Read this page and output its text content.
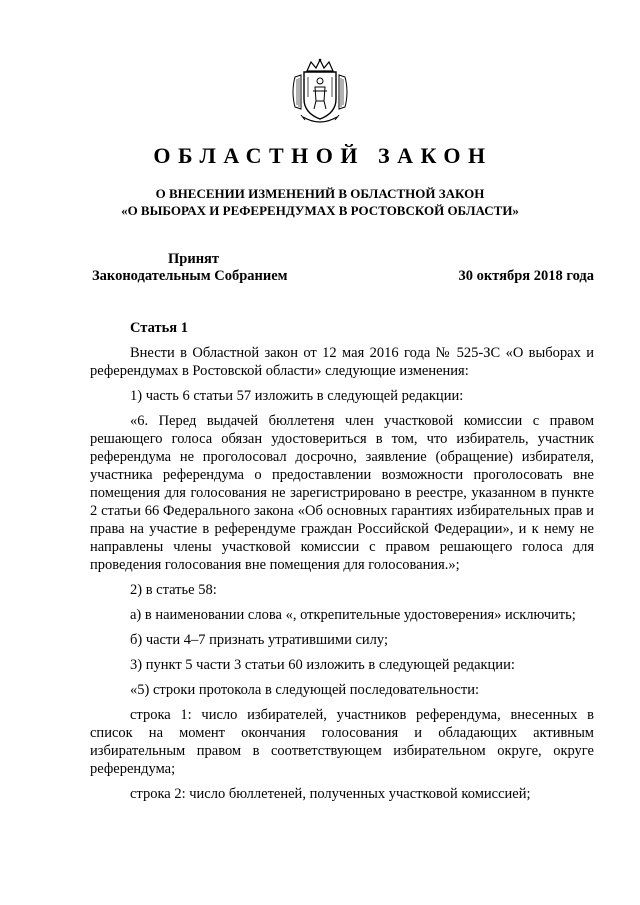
ОБЛАСТНОЙ ЗАКОН
О ВНЕСЕНИИ ИЗМЕНЕНИЙ В ОБЛАСТНОЙ ЗАКОН
«О ВЫБОРАХ И РЕФЕРЕНДУМАХ В РОСТОВСКОЙ ОБЛАСТИ»
Принят
Законодательным Собранием	30 октября 2018 года

Статья 1

Внести в Областной закон от 12 мая 2016 года № 525-ЗС «О выборах и референдумах в Ростовской области» следующие изменения:

1) часть 6 статьи 57 изложить в следующей редакции:

«6. Перед выдачей бюллетеня член участковой комиссии с правом решающего голоса обязан удостовериться в том, что избиратель, участник референдума не проголосовал досрочно, заявление (обращение) избирателя, участника референдума о предоставлении возможности проголосовать вне помещения для голосования не зарегистрировано в реестре, указанном в пункте 2 статьи 66 Федерального закона «Об основных гарантиях избирательных прав и права на участие в референдуме граждан Российской Федерации», и к нему не направлены члены участковой комиссии с правом решающего голоса для проведения голосования вне помещения для голосования.»;

2) в статье 58:

а) в наименовании слова «, открепительные удостоверения» исключить;

б) части 4–7 признать утратившими силу;

3) пункт 5 части 3 статьи 60 изложить в следующей редакции:

«5) строки протокола в следующей последовательности:

строка 1: число избирателей, участников референдума, внесенных в список на момент окончания голосования и обладающих активным избирательным правом в соответствующем избирательном округе, округе референдума;

строка 2: число бюллетеней, полученных участковой комиссией;
